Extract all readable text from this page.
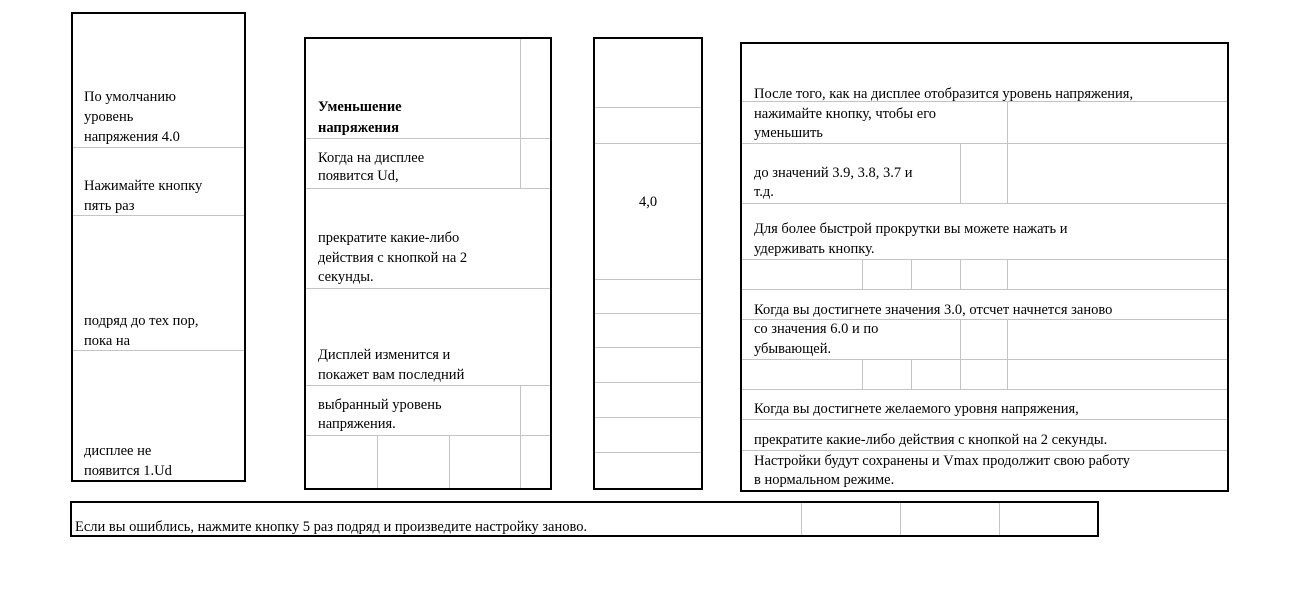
По умолчанию
уровень
напряжения 4.0
Нажимайте кнопку
пять раз
подряд до тех пор,
пока на
дисплее не
появится 1.Ud
Уменьшение
напряжения
Когда на дисплее
появится Ud,
прекратите какие-либо
действия с кнопкой на 2
секунды.
Дисплей изменится и
покажет вам последний
выбранный уровень
напряжения.
4,0
После того, как на дисплее отобразится уровень напряжения,
нажимайте кнопку, чтобы его
уменьшить
до значений 3.9, 3.8, 3.7 и
т.д.
Для более быстрой прокрутки вы можете нажать и
удерживать кнопку.
Когда вы достигнете значения 3.0, отсчет начнется заново
со значения 6.0 и по
убывающей.
Когда вы достигнете желаемого уровня напряжения,
прекратите какие-либо действия с кнопкой на 2 секунды.
Настройки будут сохранены и Vmax продолжит свою работу
в нормальном режиме.
Если вы ошиблись, нажмите кнопку 5 раз подряд и произведите настройку заново.
